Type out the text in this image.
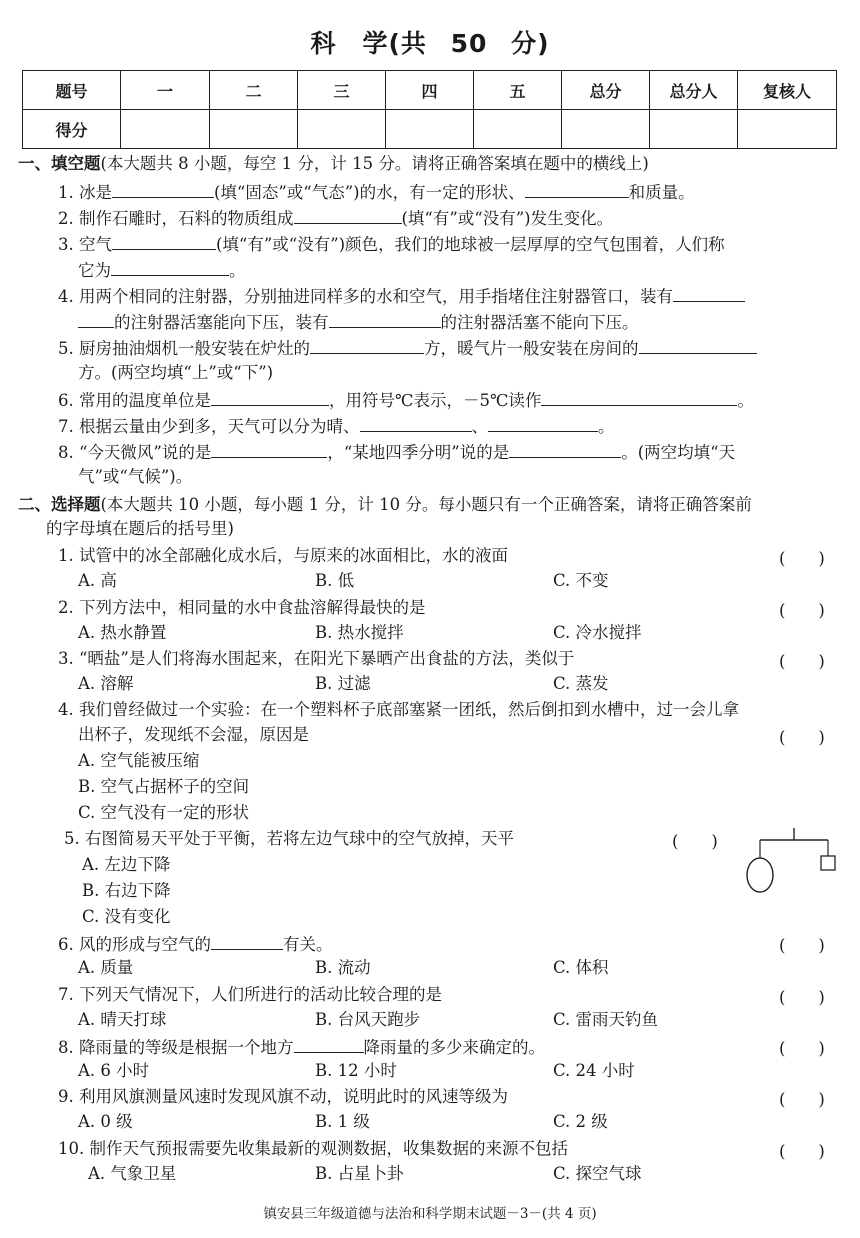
科　学(共 50 分)
题号	一	二	三	四	五	总分	总分人	复核人
得分								
一、填空题(本大题共 8 小题，每空 1 分，计 15 分。请将正确答案填在题中的横线上)
1. 冰是	(填“固态”或“气态”)的水，有一定的形状、	和质量。
2. 制作石雕时，石料的物质组成	(填“有”或“没有”)发生变化。
3. 空气	(填“有”或“没有”)颜色，我们的地球被一层厚厚的空气包围着，人们称
它为	。
4. 用两个相同的注射器，分别抽进同样多的水和空气，用手指堵住注射器管口，装有
的注射器活塞能向下压，装有	的注射器活塞不能向下压。
5. 厨房抽油烟机一般安装在炉灶的	方，暖气片一般安装在房间的
方。(两空均填“上”或“下”)
6. 常用的温度单位是	，用符号℃表示，－5℃读作	。
7. 根据云量由少到多，天气可以分为晴、	、	。
8. “今天微风”说的是	，“某地四季分明”说的是	。(两空均填“天
气”或“气候”)。
二、选择题(本大题共 10 小题，每小题 1 分，计 10 分。每小题只有一个正确答案，请将正确答案前
的字母填在题后的括号里)
1. 试管中的冰全部融化成水后，与原来的冰面相比，水的液面	(　　)
A. 高	B. 低	C. 不变
2. 下列方法中，相同量的水中食盐溶解得最快的是	(　　)
A. 热水静置	B. 热水搅拌	C. 冷水搅拌
3. “晒盐”是人们将海水围起来，在阳光下暴晒产出食盐的方法，类似于	(　　)
A. 溶解	B. 过滤	C. 蒸发
4. 我们曾经做过一个实验：在一个塑料杯子底部塞紧一团纸，然后倒扣到水槽中，过一会儿拿
出杯子，发现纸不会湿，原因是	(　　)
A. 空气能被压缩
B. 空气占据杯子的空间
C. 空气没有一定的形状
5. 右图简易天平处于平衡，若将左边气球中的空气放掉，天平	(　　)
A. 左边下降
B. 右边下降
C. 没有变化
6. 风的形成与空气的	有关。	(　　)
A. 质量	B. 流动	C. 体积
7. 下列天气情况下，人们所进行的活动比较合理的是	(　　)
A. 晴天打球	B. 台风天跑步	C. 雷雨天钓鱼
8. 降雨量的等级是根据一个地方	降雨量的多少来确定的。	(　　)
A. 6 小时	B. 12 小时	C. 24 小时
9. 利用风旗测量风速时发现风旗不动，说明此时的风速等级为	(　　)
A. 0 级	B. 1 级	C. 2 级
10. 制作天气预报需要先收集最新的观测数据，收集数据的来源不包括	(　　)
A. 气象卫星	B. 占星卜卦	C. 探空气球
镇安县三年级道德与法治和科学期末试题－3－(共 4 页)
